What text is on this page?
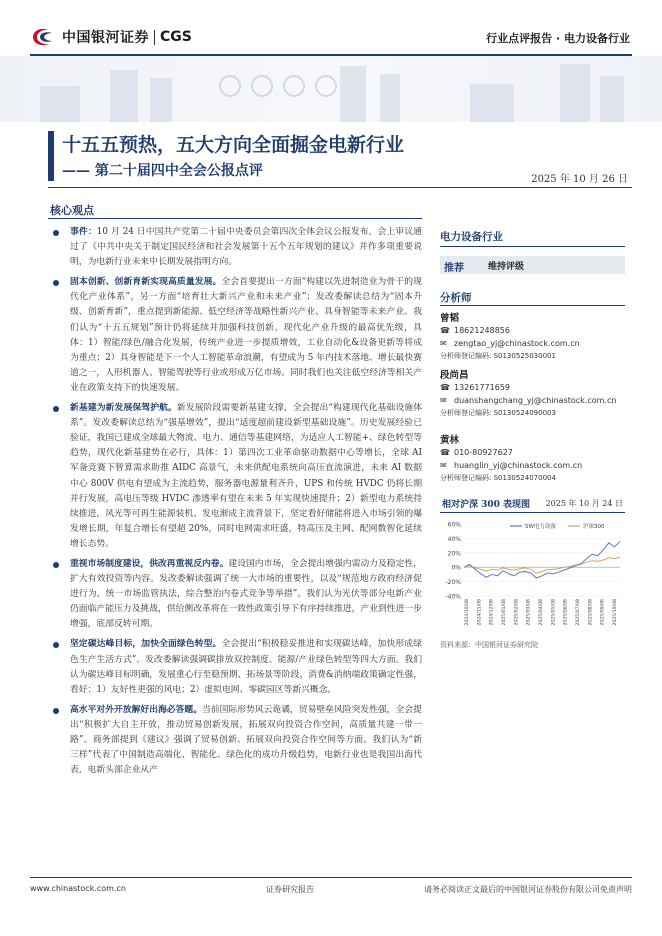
中国银河证券 CGS	行业点评报告 · 电力设备行业
十五五预热，五大方向全面掘金电新行业
—— 第二十届四中全会公报点评
2025 年 10 月 26 日
核心观点
事件：10 月 24 日中国共产党第二十届中央委员会第四次全体会议公报发布，会上审议通过了《中共中央关于制定国民经济和社会发展第十五个五年规划的建议》并作多项重要说明，为电新行业未来中长期发展指明方向。
固本创新、创新育新实现高质量发展。全会首要提出一方面“构建以先进制造业为骨干的现代化产业体系”，另一方面“培育壮大新兴产业和未来产业”；发改委解读总结为“固本升级、创新育新”，重点提到新能源、低空经济等战略性新兴产业、具身智能等未来产业。我们认为“十五五规划”预计仍将延续并加强科技创新、现代化产业升级的最高优先级，具体：1）智能/绿色/融合化发展，传统产业进一步提质增效，工业自动化&设备更新等将成为重点；2）具身智能是下一个人工智能革命浪潮，有望成为 5 年内技术落地、增长最快赛道之一，人形机器人、智能驾驶等行业或形成万亿市场。同时我们也关注低空经济等相关产业在政策支持下的快速发展。
新基建为新发展保驾护航。新发展阶段需要新基建支撑，全会提出“构建现代化基础设施体系”。发改委解读总结为“强基增效”，提出“适度超前建设新型基础设施”。历史发展经验已验证，我国已建成全球最大物流、电力、通信等基建网络，为适应人工智能+、绿色转型等趋势，现代化新基建势在必行，具体：1）第四次工业革命驱动数据中心等增长，全球 AI 军备竞赛下智算需求助推 AIDC 高景气，未来供配电系统向高压直流演进，未来 AI 数据中心 800V 供电有望成为主流趋势，服务器电源量利齐升，UPS 和传统 HVDC 仍将长期并行发展，高电压等级 HVDC 渗透率有望在未来 5 年实现快速提升；2）新型电力系统持续推进，风光等可再生能源装机、发电渐成主流背景下，坚定看好储能将进入市场引领的爆发增长期，年复合增长有望超 20%，同时电网需求旺盛，特高压及主网、配网数智化延续增长态势。
重视市场制度建设，供改再重视反内卷。建设国内市场，全会提出增强内需动力及稳定性，扩大有效投资等内容。发改委解读强调了统一大市场的重要性，以及“规范地方政府经济促进行为，统一市场监管执法，综合整治内卷式竞争等举措”。我们认为光伏等部分电新产业仍面临产能压力及挑战，供给侧改革将在一致性政策引导下有序持续推进，产业到性进一步增强，底部反转可期。
坚定碳达峰目标，加快全面绿色转型。全会提出“积极稳妥推进和实现碳达峰，加快形成绿色生产生活方式”。发改委解读强调碳排放双控制度、能源/产业绿色转型等四大方面。我们认为碳达峰目标明确，发展重心行至稳预期、拓场景等阶段，消费&消纳端政策确定性强，看好：1）友好性更强的风电；2）虚拟电网、零碳园区等新兴概念。
高水平对外开放解好出海必答题。当前国际形势风云诡谲，贸易壁垒风险突发性强，全会提出“积极扩大自主开放，推动贸易创新发展，拓展双向投资合作空间，高质量共建一带一路”。商务部提到《建议》强调了贸易创新、拓展双向投资合作空间等方面。我们认为“新三样”代表了中国制造高端化、智能化、绿色化的成功升级趋势，电新行业也是我国出海代表，电新头部企业从产
电力设备行业
推荐	维持评级
分析师
曾韬
☎ 18621248856
✉ zengtao_yj@chinastock.com.cn
分析师登记编码: S0130525030001
段尚昌
☎ 13261771659
✉ duanshangchang_yj@chinastock.com.cn
分析师登记编码: S0130524090003
黄林
☎ 010-80927627
✉ huanglin_yj@chinastock.com.cn
分析师登记编码: S0130524070004
相对沪深 300 表现图 2025 年 10 月 24 日
60%
40%
20%
0%
-20%
-40%
2024/10/08 2024/11/08 2024/12/08 2025/01/08 2025/02/08 2025/03/08 2025/04/08 2025/05/08 2025/06/08 2025/07/08 2025/08/08 2025/09/08 2025/10/08
SW电力设备	沪深300
资料来源：中国银河证券研究院
www.chinastock.com.cn	证券研究报告	请务必阅读正文最后的中国银河证券股份有限公司免责声明
